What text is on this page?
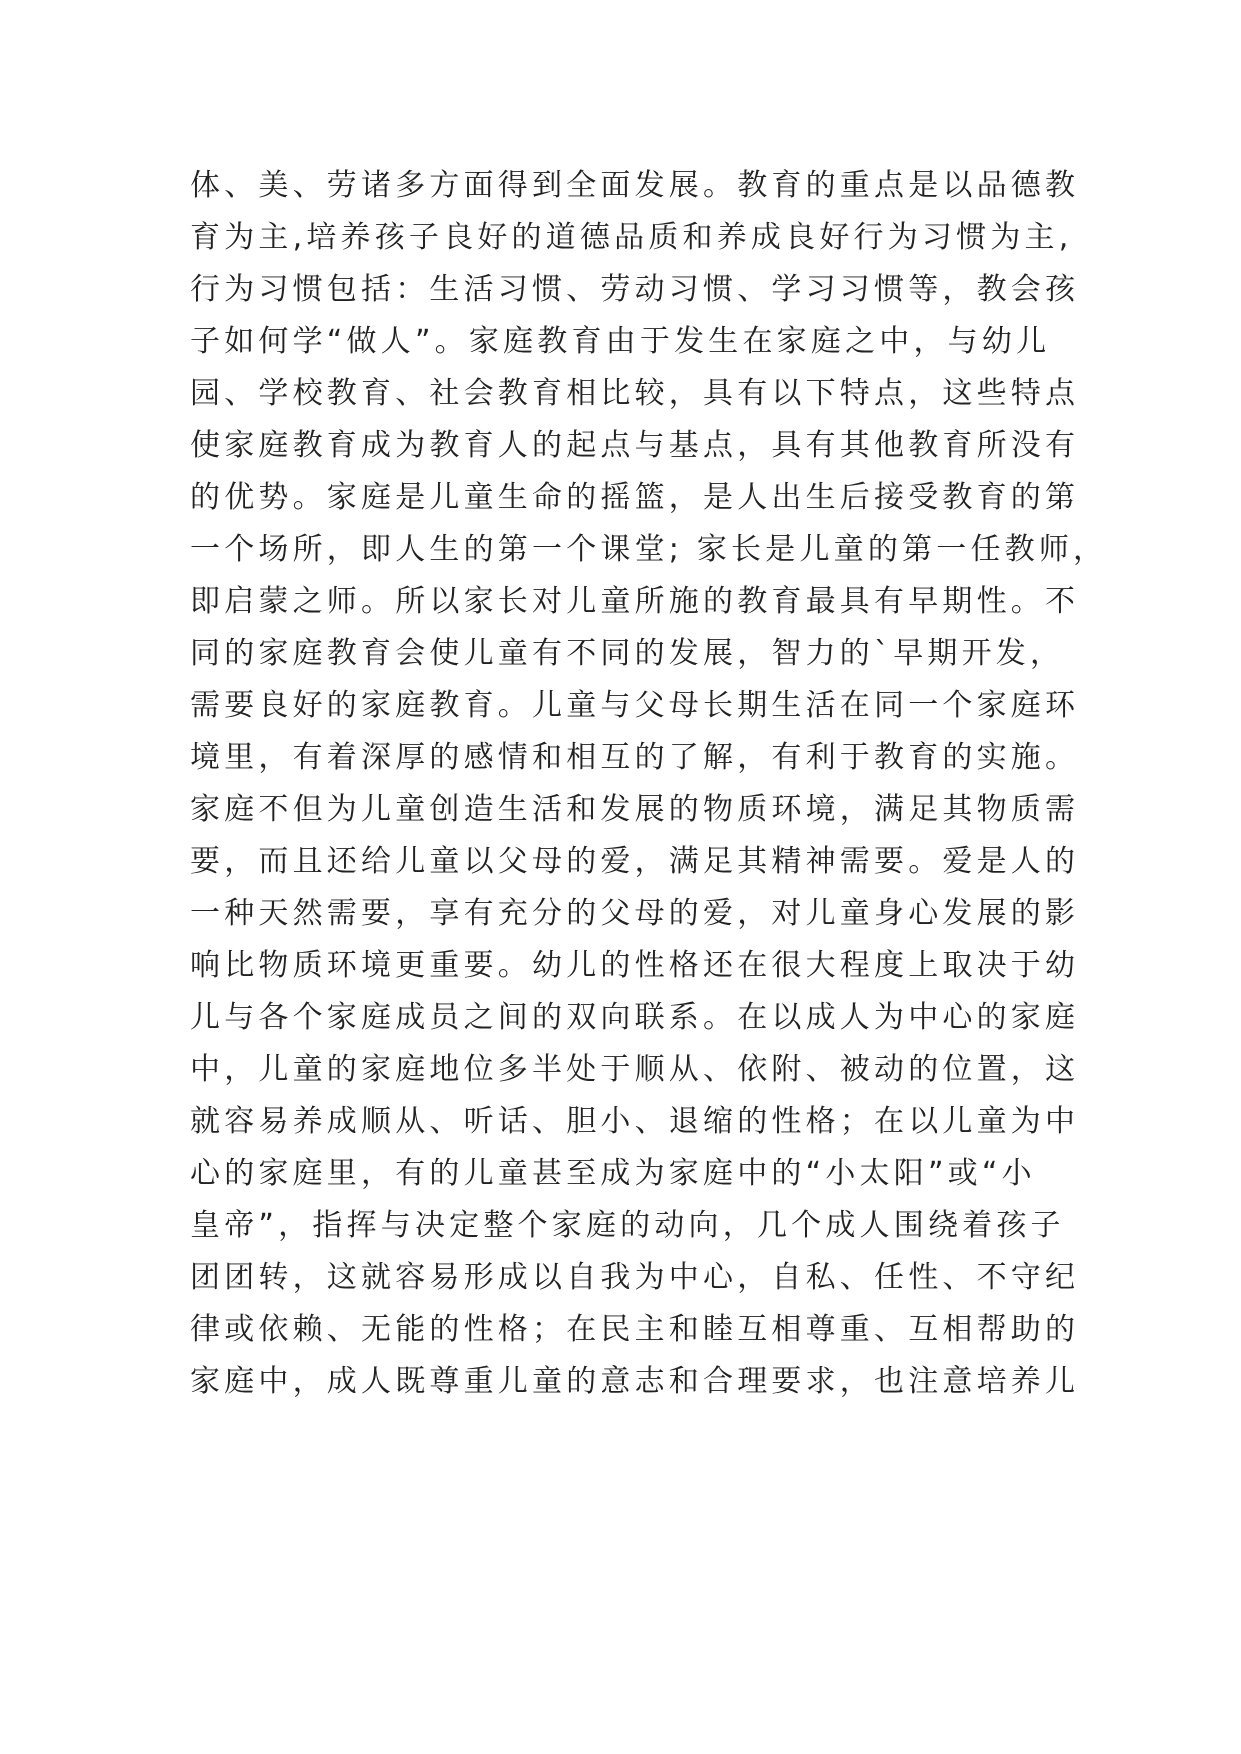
体、美、劳诸多方面得到全面发展。教育的重点是以品德教
育为主,培养孩子良好的道德品质和养成良好行为习惯为主,
行为习惯包括：生活习惯、劳动习惯、学习习惯等，教会孩
子如何学“做人”。家庭教育由于发生在家庭之中，与幼儿
园、学校教育、社会教育相比较，具有以下特点，这些特点
使家庭教育成为教育人的起点与基点，具有其他教育所没有
的优势。家庭是儿童生命的摇篮，是人出生后接受教育的第
一个场所，即人生的第一个课堂; 家长是儿童的第一任教师，
即启蒙之师。所以家长对儿童所施的教育最具有早期性。不
同的家庭教育会使儿童有不同的发展，智力的`早期开发，
需要良好的家庭教育。儿童与父母长期生活在同一个家庭环
境里，有着深厚的感情和相互的了解，有利于教育的实施。
家庭不但为儿童创造生活和发展的物质环境，满足其物质需
要，而且还给儿童以父母的爱，满足其精神需要。爱是人的
一种天然需要，享有充分的父母的爱，对儿童身心发展的影
响比物质环境更重要。幼儿的性格还在很大程度上取决于幼
儿与各个家庭成员之间的双向联系。在以成人为中心的家庭
中，儿童的家庭地位多半处于顺从、依附、被动的位置，这
就容易养成顺从、听话、胆小、退缩的性格；在以儿童为中
心的家庭里，有的儿童甚至成为家庭中的“小太阳”或“小
皇帝”，指挥与决定整个家庭的动向，几个成人围绕着孩子
团团转，这就容易形成以自我为中心，自私、任性、不守纪
律或依赖、无能的性格；在民主和睦互相尊重、互相帮助的
家庭中，成人既尊重儿童的意志和合理要求，也注意培养儿
